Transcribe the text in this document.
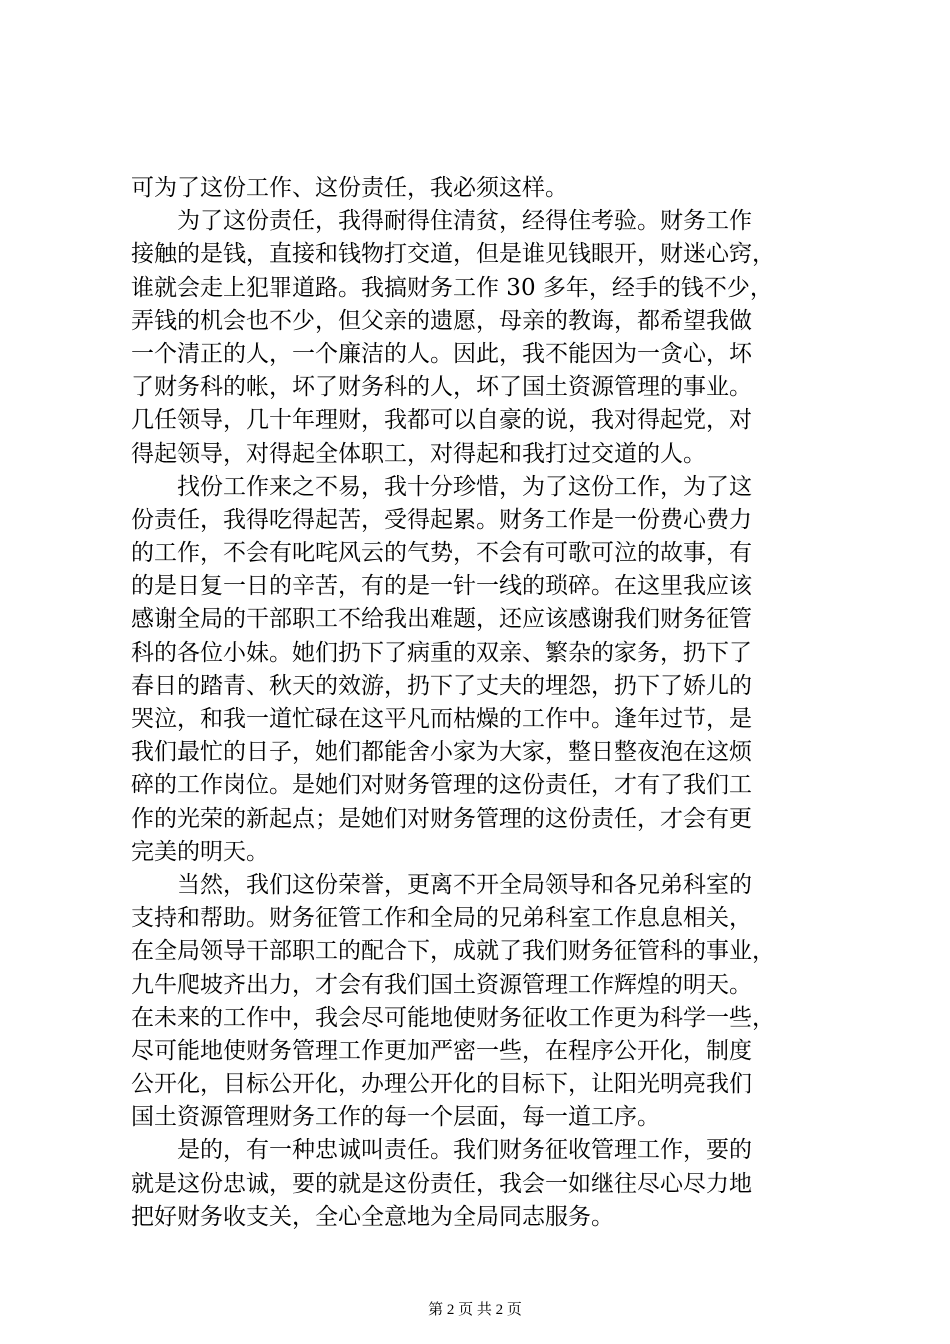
可为了这份工作、这份责任，我必须这样。
　　为了这份责任，我得耐得住清贫，经得住考验。财务工作
接触的是钱，直接和钱物打交道，但是谁见钱眼开，财迷心窍，
谁就会走上犯罪道路。我搞财务工作 30 多年，经手的钱不少，
弄钱的机会也不少，但父亲的遗愿，母亲的教诲，都希望我做
一个清正的人，一个廉洁的人。因此，我不能因为一贪心，坏
了财务科的帐，坏了财务科的人，坏了国土资源管理的事业。
几任领导，几十年理财，我都可以自豪的说，我对得起党，对
得起领导，对得起全体职工，对得起和我打过交道的人。
　　找份工作来之不易，我十分珍惜，为了这份工作，为了这
份责任，我得吃得起苦，受得起累。财务工作是一份费心费力
的工作，不会有叱咤风云的气势，不会有可歌可泣的故事，有
的是日复一日的辛苦，有的是一针一线的琐碎。在这里我应该
感谢全局的干部职工不给我出难题，还应该感谢我们财务征管
科的各位小妹。她们扔下了病重的双亲、繁杂的家务，扔下了
春日的踏青、秋天的效游，扔下了丈夫的埋怨，扔下了娇儿的
哭泣，和我一道忙碌在这平凡而枯燥的工作中。逢年过节，是
我们最忙的日子，她们都能舍小家为大家，整日整夜泡在这烦
碎的工作岗位。是她们对财务管理的这份责任，才有了我们工
作的光荣的新起点；是她们对财务管理的这份责任，才会有更
完美的明天。
　　当然，我们这份荣誉，更离不开全局领导和各兄弟科室的
支持和帮助。财务征管工作和全局的兄弟科室工作息息相关，
在全局领导干部职工的配合下，成就了我们财务征管科的事业，
九牛爬坡齐出力，才会有我们国土资源管理工作辉煌的明天。
在未来的工作中，我会尽可能地使财务征收工作更为科学一些，
尽可能地使财务管理工作更加严密一些，在程序公开化，制度
公开化，目标公开化，办理公开化的目标下，让阳光明亮我们
国土资源管理财务工作的每一个层面，每一道工序。
　　是的，有一种忠诚叫责任。我们财务征收管理工作，要的
就是这份忠诚，要的就是这份责任，我会一如继往尽心尽力地
把好财务收支关，全心全意地为全局同志服务。
第 2 页 共 2 页
